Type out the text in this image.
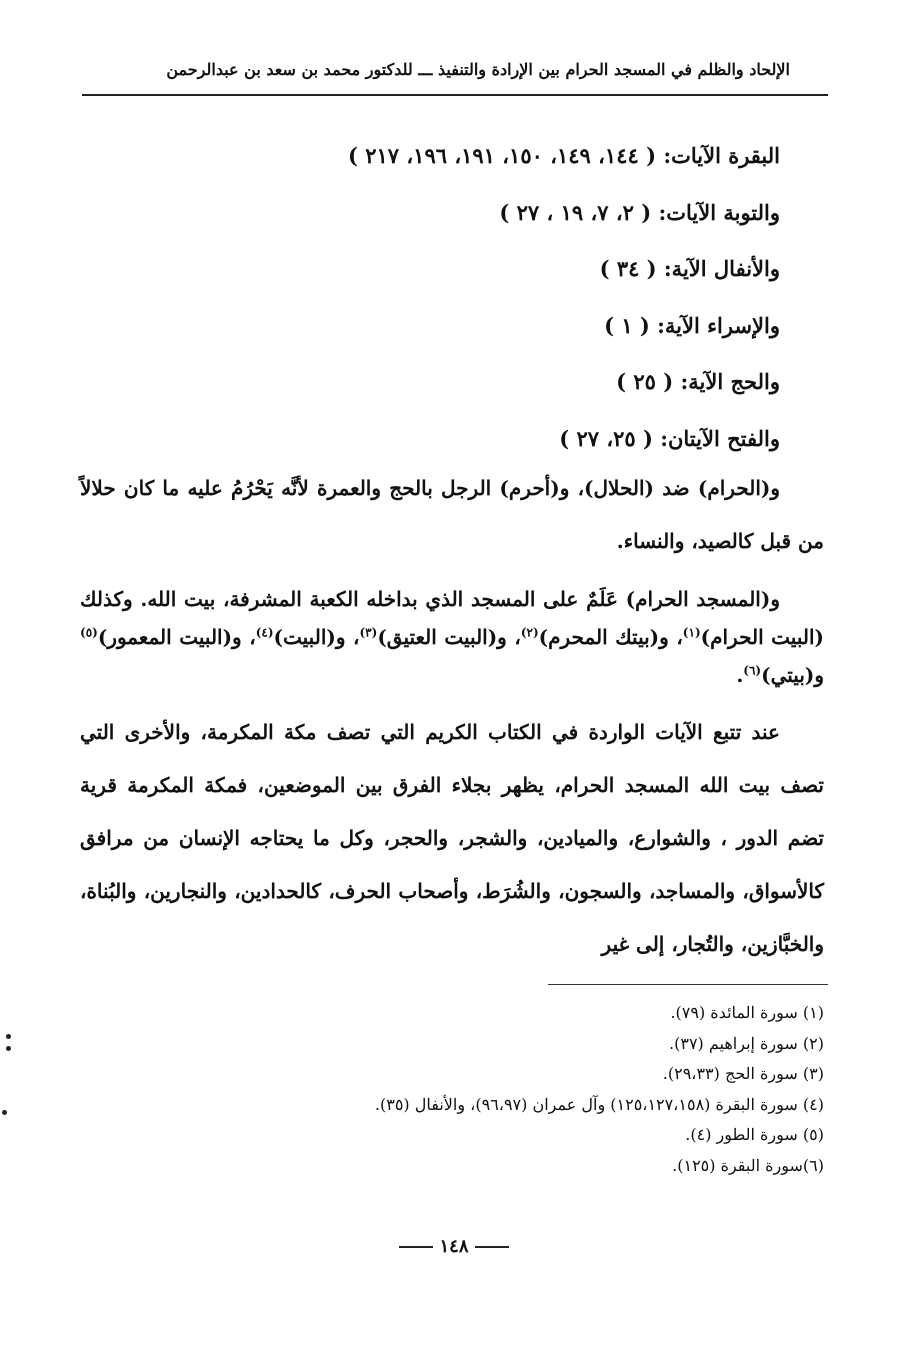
الإلحاد والظلم في المسجد الحرام بين الإرادة والتنفيذ ـــ للدكتور محمد بن سعد بن عبدالرحمن
البقرة الآيات: ( ١٤٤، ١٤٩، ١٥٠، ١٩١، ١٩٦، ٢١٧ )
والتوبة الآيات: ( ٢، ٧، ١٩ ، ٢٧ )
والأنفال الآية: ( ٣٤ )
والإسراء الآية: ( ١ )
والحج الآية: ( ٢٥ )
والفتح الآيتان: ( ٢٥، ٢٧ )

و(الحرام) ضد (الحلال)، و(أحرم) الرجل بالحج والعمرة لأنَّه يَحْرُمُ عليه ما كان حلالاً من قبل كالصيد، والنساء.

و(المسجد الحرام) عَلَمٌ على المسجد الذي بداخله الكعبة المشرفة، بيت الله. وكذلك (البيت الحرام)$^{(١)}$، و(بيتك المحرم)$^{(٢)}$، و(البيت العتيق)$^{(٣)}$، و(البيت)$^{(٤)}$، و(البيت المعمور)$^{(٥)}$ و(بيتي)$^{(٦)}$.

عند تتبع الآيات الواردة في الكتاب الكريم التي تصف مكة المكرمة، والأخرى التي تصف بيت الله المسجد الحرام، يظهر بجلاء الفرق بين الموضعين، فمكة المكرمة قرية تضم الدور ، والشوارع، والميادين، والشجر، والحجر، وكل ما يحتاجه الإنسان من مرافق كالأسواق، والمساجد، والسجون، والشُرَط، وأصحاب الحرف، كالحدادين، والنجارين، والبُناة، والخبَّازين، والتُجار، إلى غير

(١) سورة المائدة (٧٩).
(٢) سورة إبراهيم (٣٧).
(٣) سورة الحج (٢٩،٣٣).
(٤) سورة البقرة (١٢٥،١٢٧،١٥٨) وآل عمران (٩٦،٩٧)، والأنفال (٣٥).
(٥) سورة الطور (٤).
(٦)سورة البقرة (١٢٥).
١٤٨
